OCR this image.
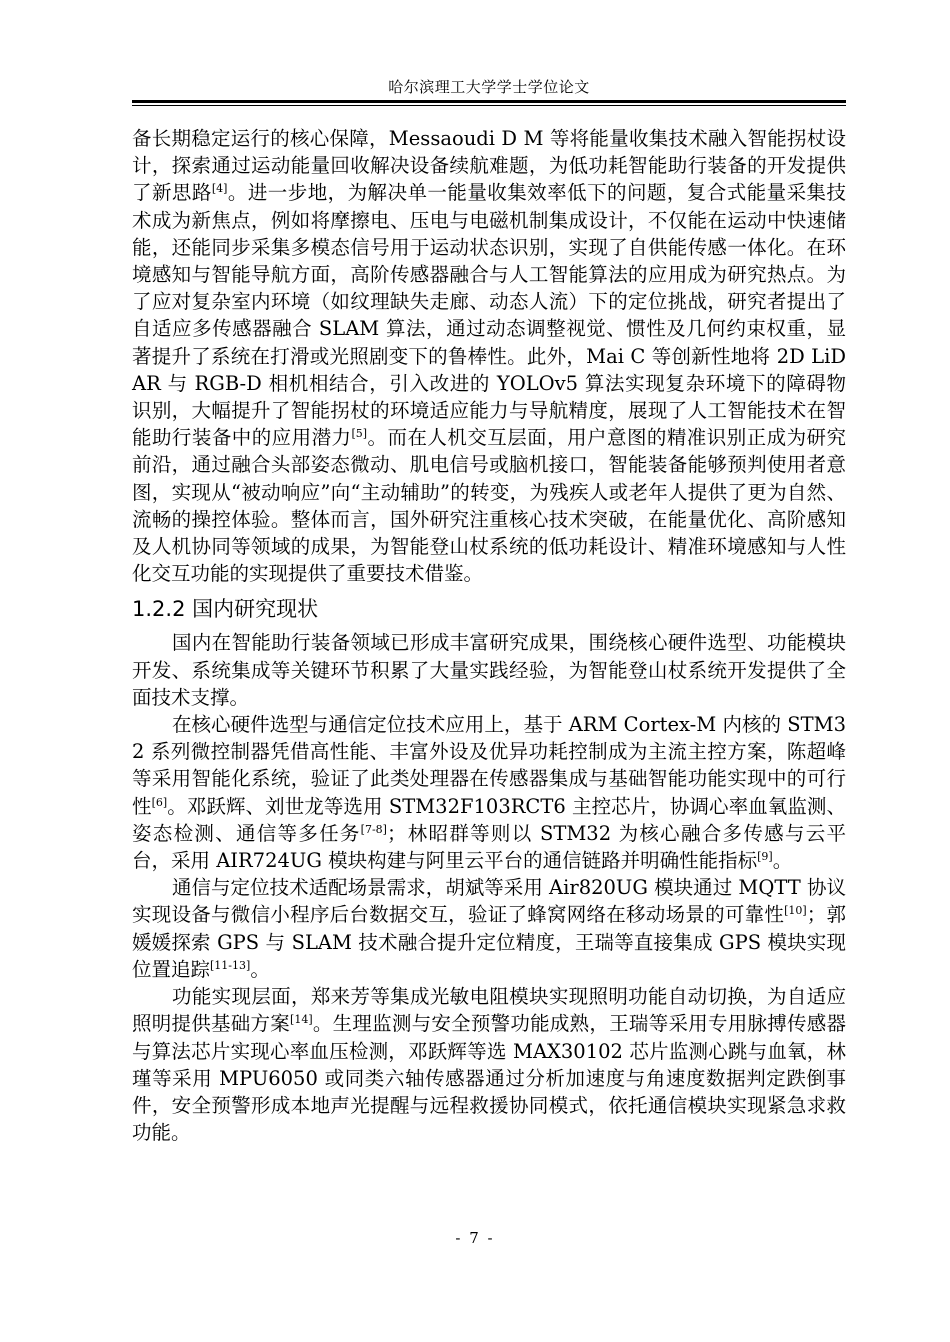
哈尔滨理工大学学士学位论文

备长期稳定运行的核心保障，Messaoudi D M 等将能量收集技术融入智能拐杖设计，探索通过运动能量回收解决设备续航难题，为低功耗智能助行装备的开发提供了新思路[4]。进一步地，为解决单一能量收集效率低下的问题，复合式能量采集技术成为新焦点，例如将摩擦电、压电与电磁机制集成设计，不仅能在运动中快速储能，还能同步采集多模态信号用于运动状态识别，实现了自供能传感一体化。在环境感知与智能导航方面，高阶传感器融合与人工智能算法的应用成为研究热点。为了应对复杂室内环境（如纹理缺失走廊、动态人流）下的定位挑战，研究者提出了自适应多传感器融合 SLAM 算法，通过动态调整视觉、惯性及几何约束权重，显著提升了系统在打滑或光照剧变下的鲁棒性。此外，Mai C 等创新性地将 2D LiDAR 与 RGB-D 相机相结合，引入改进的 YOLOv5 算法实现复杂环境下的障碍物识别，大幅提升了智能拐杖的环境适应能力与导航精度，展现了人工智能技术在智能助行装备中的应用潜力[5]。而在人机交互层面，用户意图的精准识别正成为研究前沿，通过融合头部姿态微动、肌电信号或脑机接口，智能装备能够预判使用者意图，实现从“被动响应”向“主动辅助”的转变，为残疾人或老年人提供了更为自然、流畅的操控体验。整体而言，国外研究注重核心技术突破，在能量优化、高阶感知及人机协同等领域的成果，为智能登山杖系统的低功耗设计、精准环境感知与人性化交互功能的实现提供了重要技术借鉴。

1.2.2 国内研究现状

国内在智能助行装备领域已形成丰富研究成果，围绕核心硬件选型、功能模块开发、系统集成等关键环节积累了大量实践经验，为智能登山杖系统开发提供了全面技术支撑。

在核心硬件选型与通信定位技术应用上，基于 ARM Cortex-M 内核的 STM32 系列微控制器凭借高性能、丰富外设及优异功耗控制成为主流主控方案，陈超峰等采用智能化系统，验证了此类处理器在传感器集成与基础智能功能实现中的可行性[6]。邓跃辉、刘世龙等选用 STM32F103RCT6 主控芯片，协调心率血氧监测、姿态检测、通信等多任务[7-8]；林昭群等则以 STM32 为核心融合多传感与云平台，采用 AIR724UG 模块构建与阿里云平台的通信链路并明确性能指标[9]。

通信与定位技术适配场景需求，胡斌等采用 Air820UG 模块通过 MQTT 协议实现设备与微信小程序后台数据交互，验证了蜂窝网络在移动场景的可靠性[10]；郭媛媛探索 GPS 与 SLAM 技术融合提升定位精度，王瑞等直接集成 GPS 模块实现位置追踪[11-13]。

功能实现层面，郑来芳等集成光敏电阻模块实现照明功能自动切换，为自适应照明提供基础方案[14]。生理监测与安全预警功能成熟，王瑞等采用专用脉搏传感器与算法芯片实现心率血压检测，邓跃辉等选 MAX30102 芯片监测心跳与血氧，林瑾等采用 MPU6050 或同类六轴传感器通过分析加速度与角速度数据判定跌倒事件，安全预警形成本地声光提醒与远程救援协同模式，依托通信模块实现紧急求救功能。

- 7 -
